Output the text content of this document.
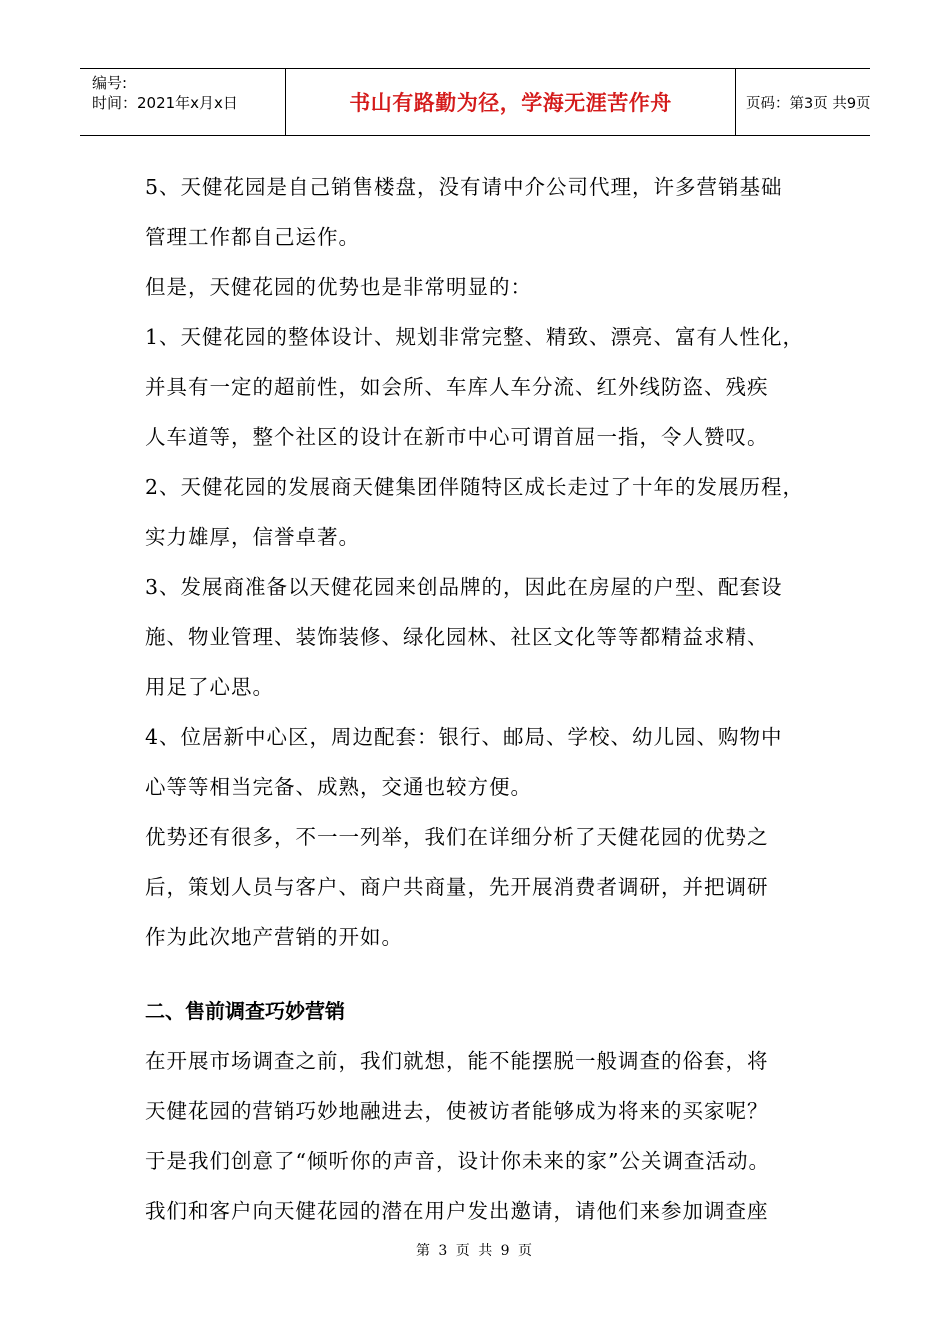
编号:
时间：2021年x月x日	书山有路勤为径，学海无涯苦作舟	页码：第3页 共9页

5、天健花园是自己销售楼盘，没有请中介公司代理，许多营销基础

管理工作都自己运作。

但是，天健花园的优势也是非常明显的：

1、天健花园的整体设计、规划非常完整、精致、漂亮、富有人性化，

并具有一定的超前性，如会所、车库人车分流、红外线防盗、残疾

人车道等，整个社区的设计在新市中心可谓首屈一指，令人赞叹。

2、天健花园的发展商天健集团伴随特区成长走过了十年的发展历程，

实力雄厚，信誉卓著。

3、发展商准备以天健花园来创品牌的，因此在房屋的户型、配套设

施、物业管理、装饰装修、绿化园林、社区文化等等都精益求精、

用足了心思。

4、位居新中心区，周边配套：银行、邮局、学校、幼儿园、购物中

心等等相当完备、成熟，交通也较方便。

优势还有很多，不一一列举，我们在详细分析了天健花园的优势之

后，策划人员与客户、商户共商量，先开展消费者调研，并把调研

作为此次地产营销的开如。

二、售前调查巧妙营销

在开展市场调查之前，我们就想，能不能摆脱一般调查的俗套，将

天健花园的营销巧妙地融进去，使被访者能够成为将来的买家呢？

于是我们创意了“倾听你的声音，设计你未来的家”公关调查活动。

我们和客户向天健花园的潜在用户发出邀请，请他们来参加调查座

第 3 页 共 9 页
